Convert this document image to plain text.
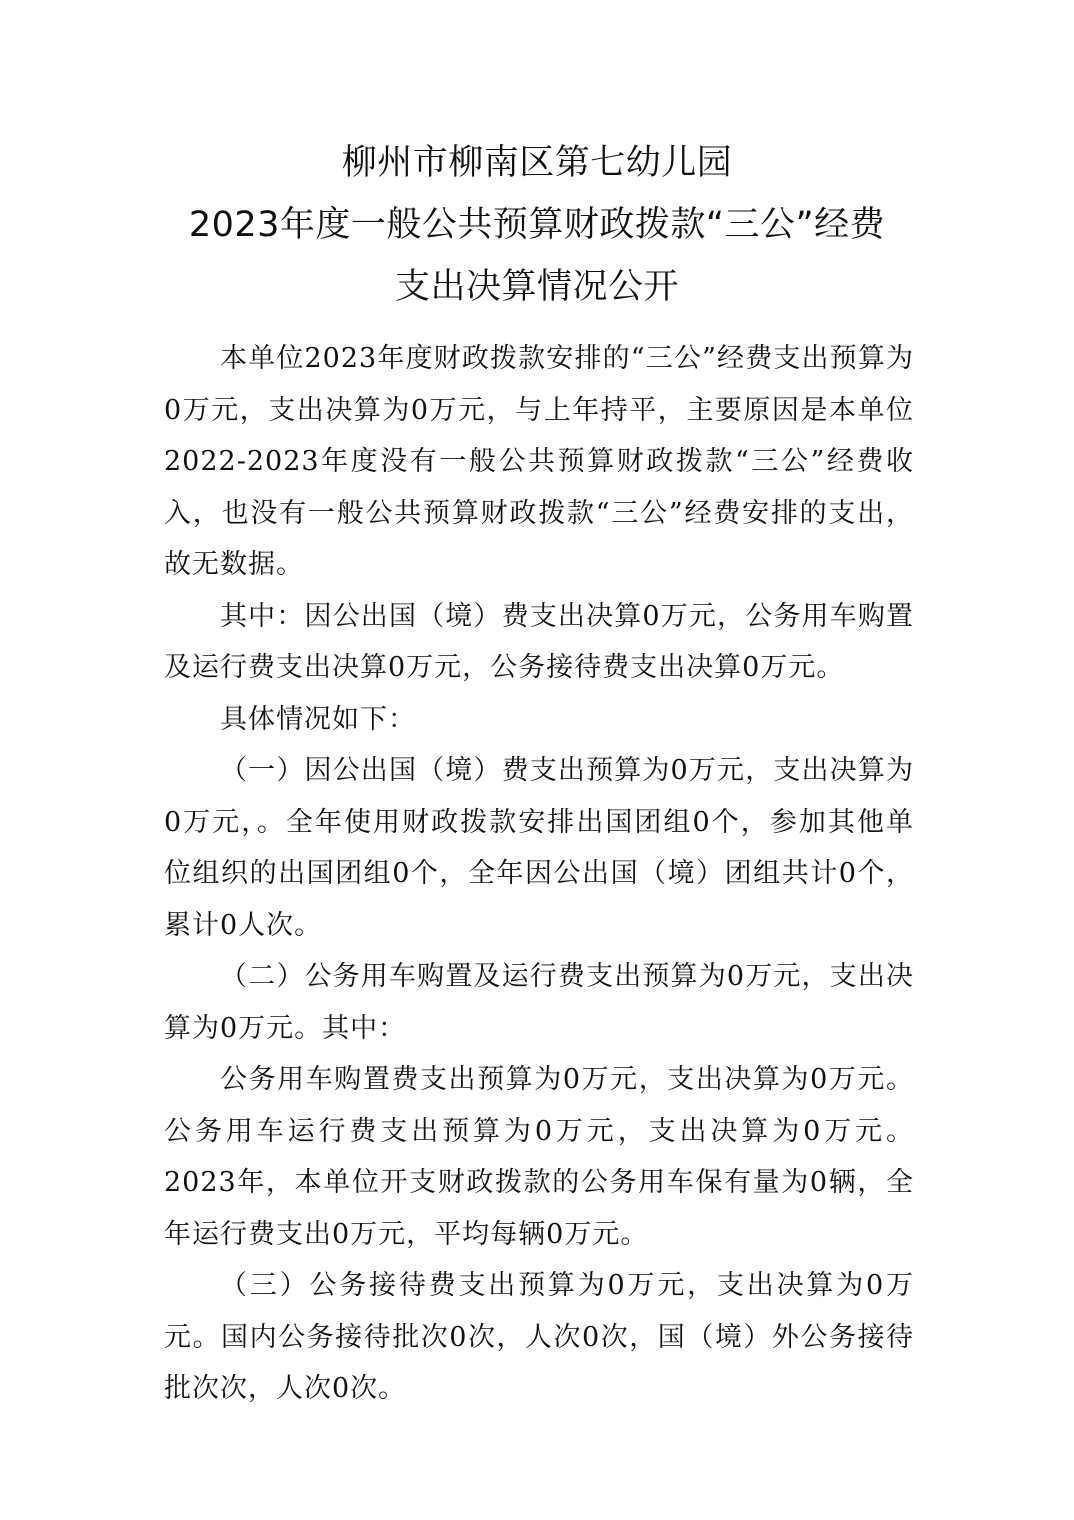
柳州市柳南区第七幼儿园
2023年度一般公共预算财政拨款“三公”经费
支出决算情况公开

本单位2023年度财政拨款安排的“三公”经费支出预算为0万元，支出决算为0万元，与上年持平，主要原因是本单位2022-2023年度没有一般公共预算财政拨款“三公”经费收入，也没有一般公共预算财政拨款“三公”经费安排的支出，故无数据。

其中：因公出国（境）费支出决算0万元，公务用车购置及运行费支出决算0万元，公务接待费支出决算0万元。

具体情况如下：

（一）因公出国（境）费支出预算为0万元，支出决算为0万元，。全年使用财政拨款安排出国团组0个，参加其他单位组织的出国团组0个，全年因公出国（境）团组共计0个，累计0人次。

（二）公务用车购置及运行费支出预算为0万元，支出决算为0万元。其中：

公务用车购置费支出预算为0万元，支出决算为0万元。公务用车运行费支出预算为0万元，支出决算为0万元。2023年，本单位开支财政拨款的公务用车保有量为0辆，全年运行费支出0万元，平均每辆0万元。

（三）公务接待费支出预算为0万元，支出决算为0万元。国内公务接待批次0次，人次0次，国（境）外公务接待批次次，人次0次。
